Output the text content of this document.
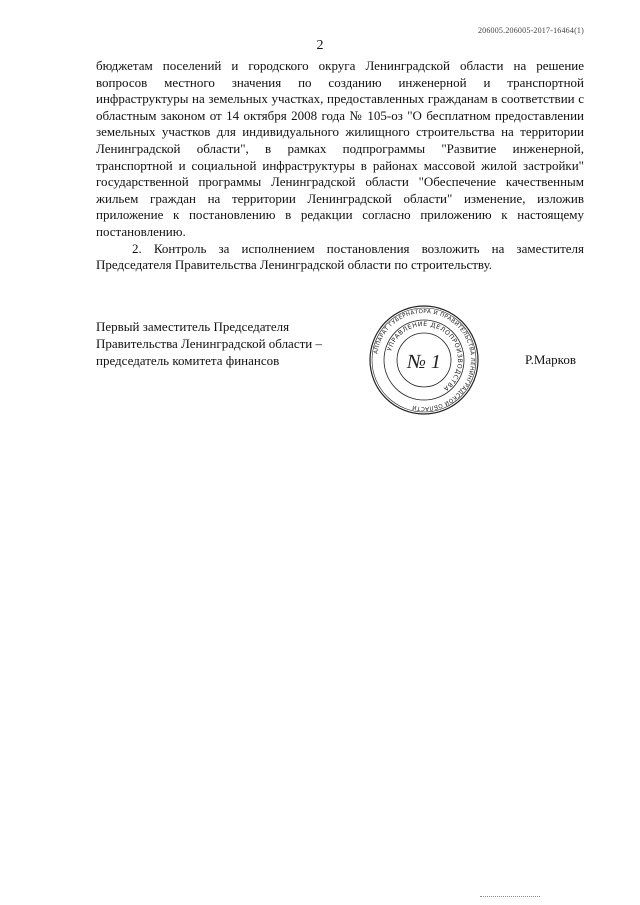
206005.206005-2017-16464(1)
2

бюджетам поселений и городского округа Ленинградской области на решение вопросов местного значения по созданию инженерной и транспортной инфраструктуры на земельных участках, предоставленных гражданам в соответствии с областным законом от 14 октября 2008 года № 105-оз "О бесплатном предоставлении земельных участков для индивидуального жилищного строительства на территории Ленинградской области", в рамках подпрограммы "Развитие инженерной, транспортной и социальной инфраструктуры в районах массовой жилой застройки" государственной программы Ленинградской области "Обеспечение качественным жильем граждан на территории Ленинградской области" изменение, изложив приложение к постановлению в редакции согласно приложению к настоящему постановлению.

2. Контроль за исполнением постановления возложить на заместителя Председателя Правительства Ленинградской области по строительству.

Первый заместитель Председателя
Правительства Ленинградской области –
председатель комитета финансов
АППАРАТ ГУБЕРНАТОРА И ПРАВИТЕЛЬСТВА ЛЕНИНГРАДСКОЙ ОБЛАСТИ
УПРАВЛЕНИЕ ДЕЛОПРОИЗВОДСТВА
№ 1	Р.Марков
